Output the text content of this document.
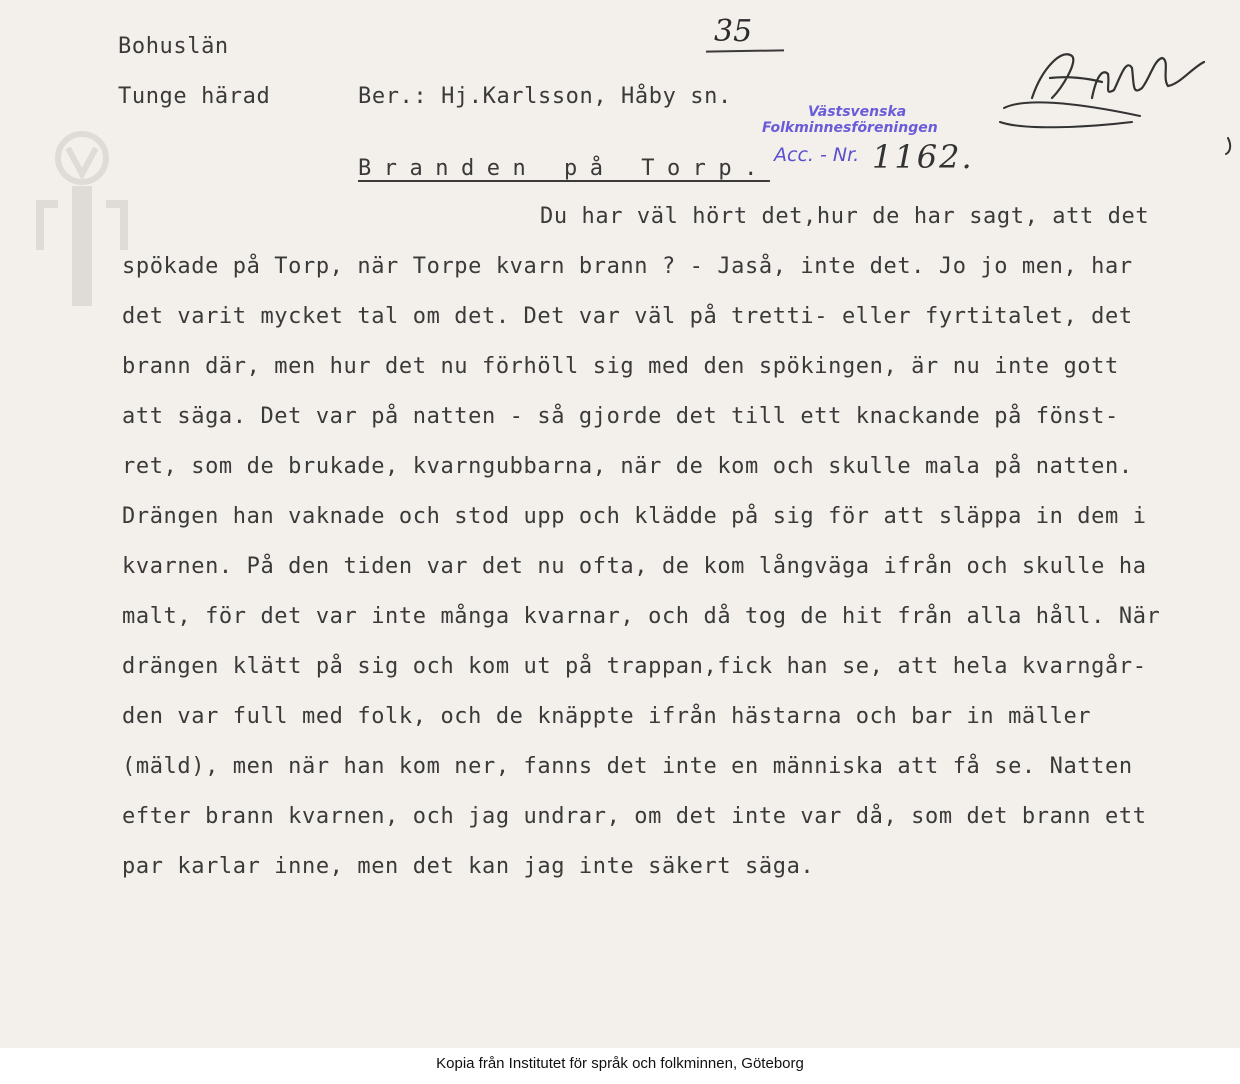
Bohuslän
Tunge härad	Ber.: Hj.Karlsson, Håby sn.
35
Västsvenska
Folkminnesföreningen
Acc. - Nr. 1162.
Branden på Torp.
Du har väl hört det,hur de har sagt, att det
spökade på Torp, när Torpe kvarn brann ? - Jaså, inte det. Jo jo men, har
det varit mycket tal om det. Det var väl på tretti- eller fyrtitalet, det
brann där, men hur det nu förhöll sig med den spökingen, är nu inte gott
att säga. Det var på natten - så gjorde det till ett knackande på fönst-
ret, som de brukade, kvarngubbarna, när de kom och skulle mala på natten.
Drängen han vaknade och stod upp och klädde på sig för att släppa in dem i
kvarnen. På den tiden var det nu ofta, de kom långväga ifrån och skulle ha
malt, för det var inte många kvarnar, och då tog de hit från alla håll. När
drängen klätt på sig och kom ut på trappan,fick han se, att hela kvarngår-
den var full med folk, och de knäppte ifrån hästarna och bar in mäller
(mäld), men när han kom ner, fanns det inte en människa att få se. Natten
efter brann kvarnen, och jag undrar, om det inte var då, som det brann ett
par karlar inne, men det kan jag inte säkert säga.
Kopia från Institutet för språk och folkminnen, Göteborg
